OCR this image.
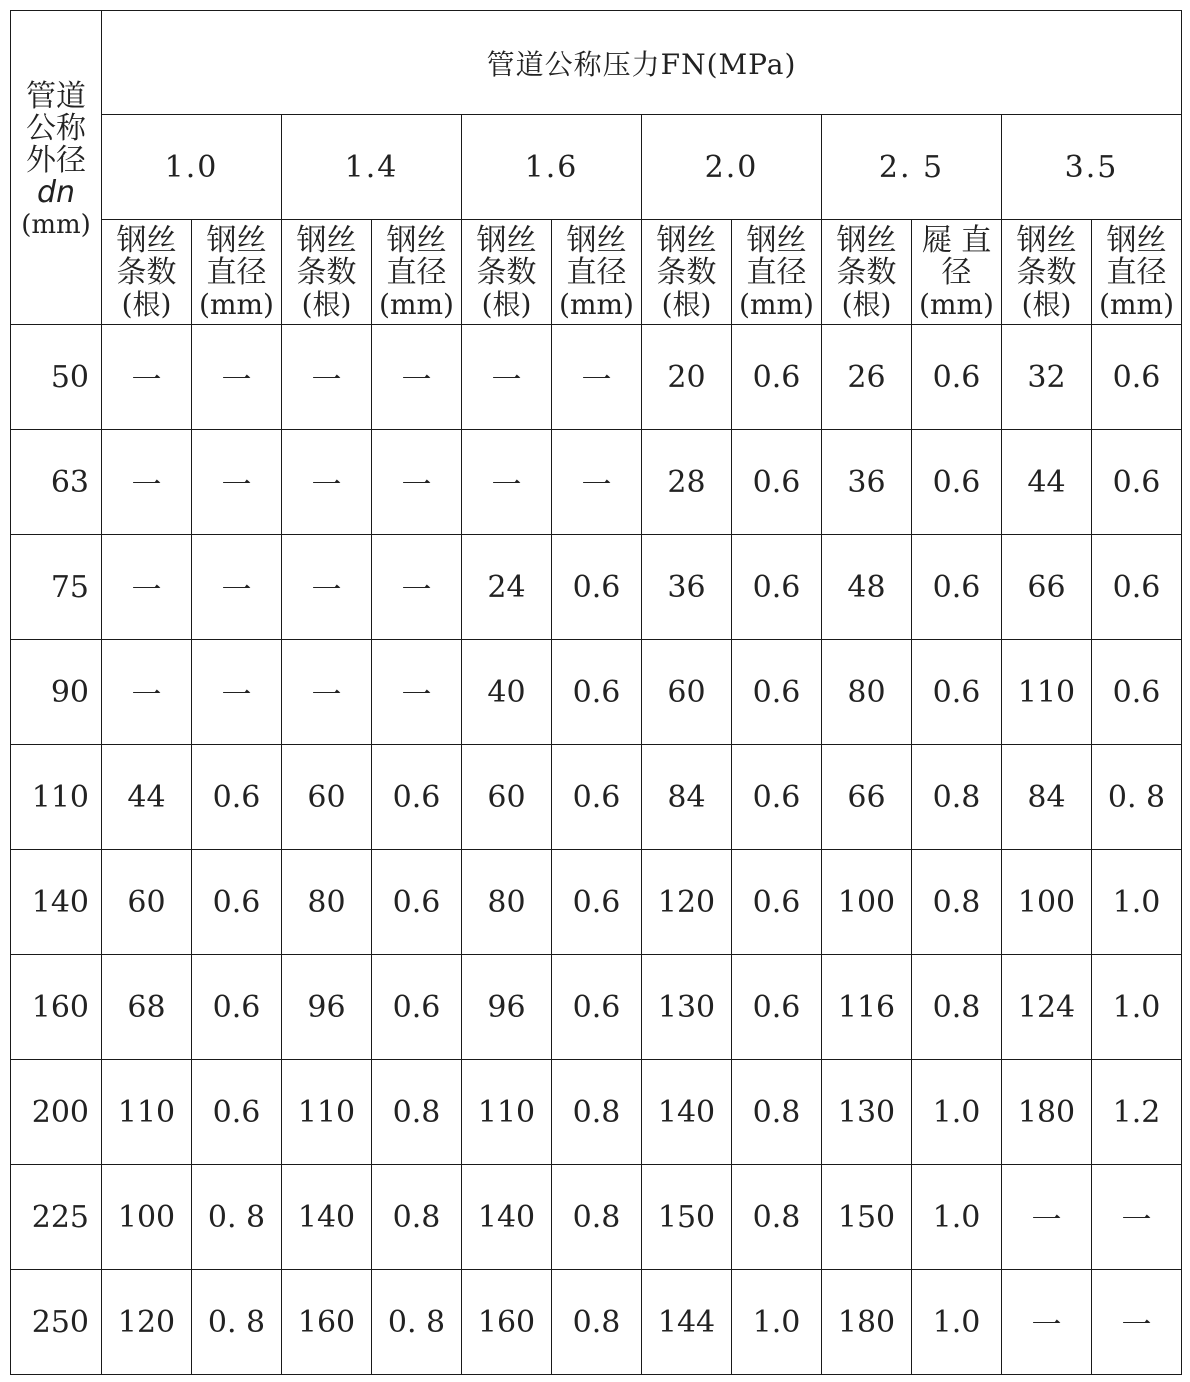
管道
公称
外径
dn
(mm)	管道公称压力FN(MPa)											
	1.0		1.4		1.6		2.0		2. 5		3.5	

	钢丝
条数
(根)	钢丝
直径
(mm)	钢丝
条数
(根)	钢丝
直径
(mm)	钢丝
条数
(根)	钢丝
直径
(mm)	钢丝
条数
(根)	钢丝
直径
(mm)	钢丝
条数
(根)	屣 直
径
(mm)	钢丝
条数
(根)	钢丝
直径
(mm)

50	一	一	一	一	一	一	20	0.6	26	0.6	32	0.6
63	一	一	一	一	一	一	28	0.6	36	0.6	44	0.6
75	一	一	一	一	24	0.6	36	0.6	48	0.6	66	0.6
90	一	一	一	一	40	0.6	60	0.6	80	0.6	110	0.6
110	44	0.6	60	0.6	60	0.6	84	0.6	66	0.8	84	0. 8
140	60	0.6	80	0.6	80	0.6	120	0.6	100	0.8	100	1.0
160	68	0.6	96	0.6	96	0.6	130	0.6	116	0.8	124	1.0
200	110	0.6	110	0.8	110	0.8	140	0.8	130	1.0	180	1.2
225	100	0. 8	140	0.8	140	0.8	150	0.8	150	1.0	一	一
250	120	0. 8	160	0. 8	160	0.8	144	1.0	180	1.0	一	一
